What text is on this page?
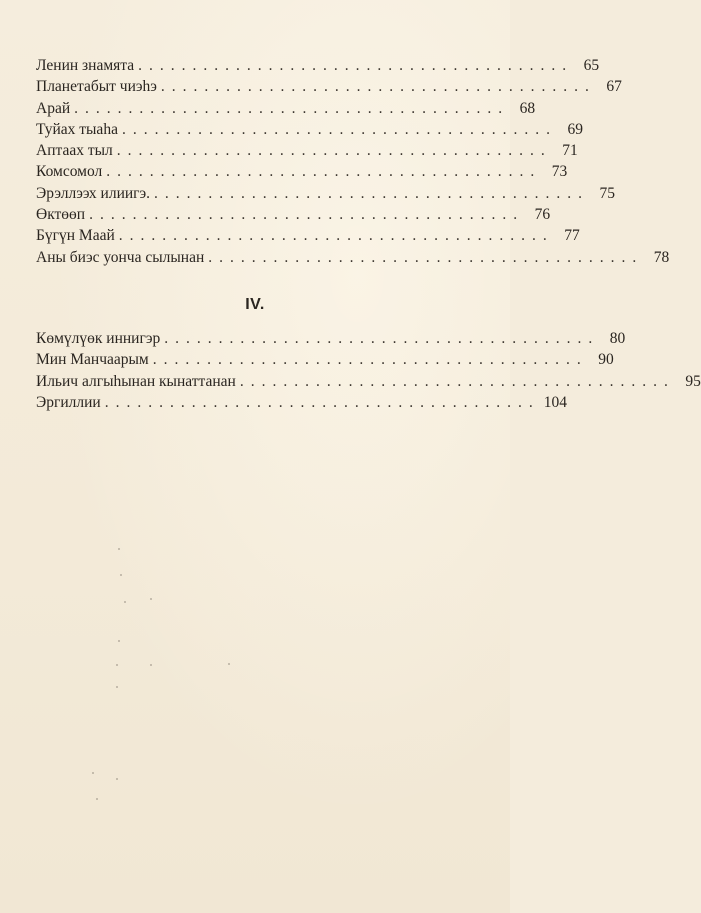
Ленин знамята ........................................ 65
Планетабыт чиэһэ ........................................ 67
Арай ........................................ 68
Туйах тыаһа ........................................ 69
Аптаах тыл ........................................ 71
Комсомол ........................................ 73
Эрэллээх илиигэ. ........................................ 75
Өктөөп ........................................ 76
Бүгүн Маай ........................................ 77
Аны биэс уонча сылынан ........................................ 78
IV.
Көмүлүөк иннигэр ........................................ 80
Мин Манчаарым ........................................ 90
Ильич алгыһынан кынаттанан ........................................ 95
Эргиллии ........................................ 104
